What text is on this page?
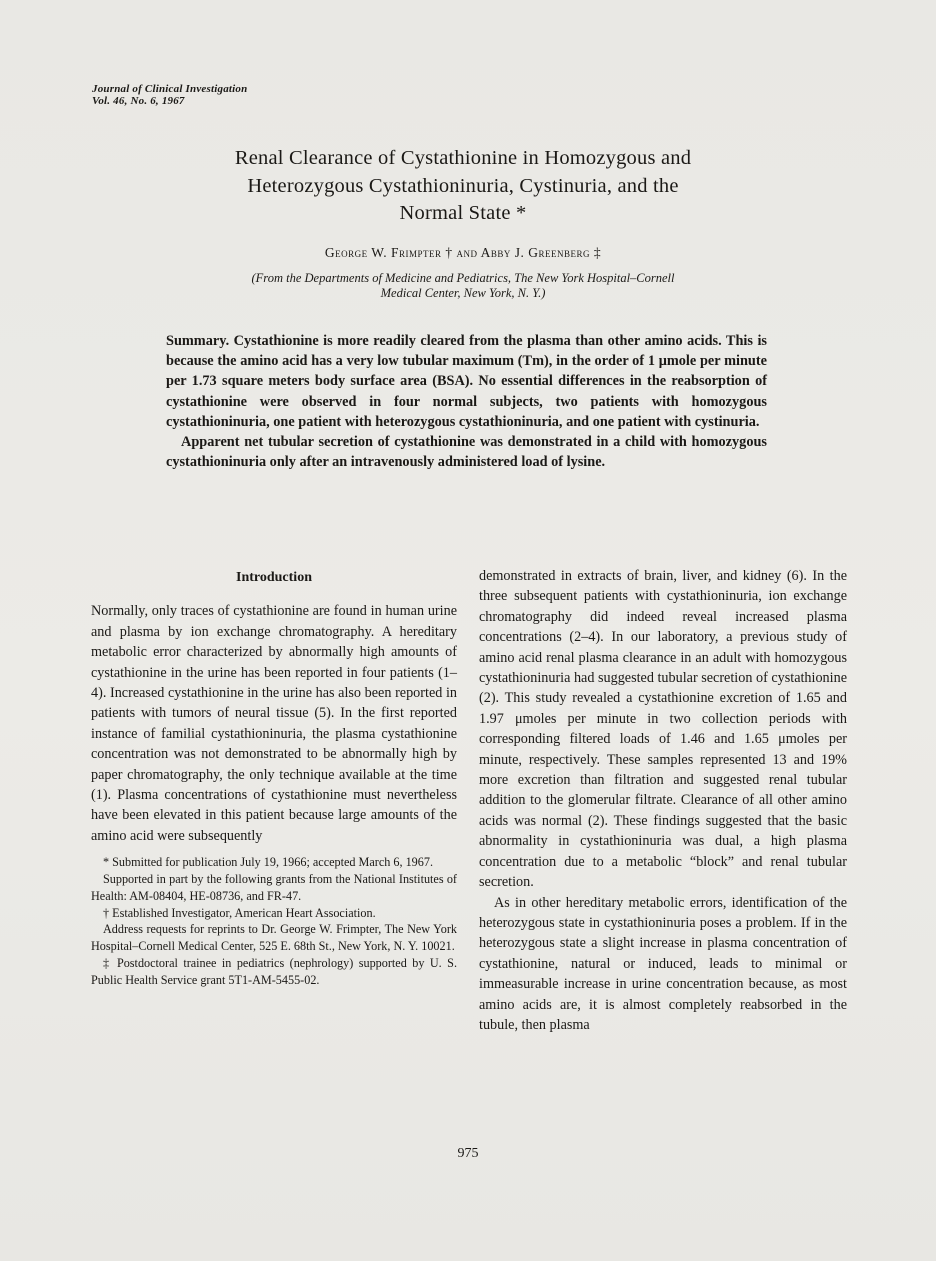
Journal of Clinical Investigation
Vol. 46, No. 6, 1967
Renal Clearance of Cystathionine in Homozygous and
Heterozygous Cystathioninuria, Cystinuria, and the
Normal State *
George W. Frimpter † and Abby J. Greenberg ‡
(From the Departments of Medicine and Pediatrics, The New York Hospital–Cornell
Medical Center, New York, N. Y.)

Summary. Cystathionine is more readily cleared from the plasma than other amino acids. This is because the amino acid has a very low tubular maximum (Tm), in the order of 1 μmole per minute per 1.73 square meters body surface area (BSA). No essential differences in the reabsorption of cystathionine were observed in four normal subjects, two patients with homozygous cystathioninuria, one patient with heterozygous cystathioninuria, and one patient with cystinuria.

Apparent net tubular secretion of cystathionine was demonstrated in a child with homozygous cystathioninuria only after an intravenously administered load of lysine.

Introduction

Normally, only traces of cystathionine are found in human urine and plasma by ion exchange chromatography. A hereditary metabolic error characterized by abnormally high amounts of cystathionine in the urine has been reported in four patients (1–4). Increased cystathionine in the urine has also been reported in patients with tumors of neural tissue (5). In the first reported instance of familial cystathioninuria, the plasma cystathionine concentration was not demonstrated to be abnormally high by paper chromatography, the only technique available at the time (1). Plasma concentrations of cystathionine must nevertheless have been elevated in this patient because large amounts of the amino acid were subsequently

* Submitted for publication July 19, 1966; accepted March 6, 1967.

Supported in part by the following grants from the National Institutes of Health: AM-08404, HE-08736, and FR-47.

† Established Investigator, American Heart Association.

Address requests for reprints to Dr. George W. Frimpter, The New York Hospital–Cornell Medical Center, 525 E. 68th St., New York, N. Y. 10021.

‡ Postdoctoral trainee in pediatrics (nephrology) supported by U. S. Public Health Service grant 5T1-AM-5455-02.

demonstrated in extracts of brain, liver, and kidney (6). In the three subsequent patients with cystathioninuria, ion exchange chromatography did indeed reveal increased plasma concentrations (2–4). In our laboratory, a previous study of amino acid renal plasma clearance in an adult with homozygous cystathioninuria had suggested tubular secretion of cystathionine (2). This study revealed a cystathionine excretion of 1.65 and 1.97 μmoles per minute in two collection periods with corresponding filtered loads of 1.46 and 1.65 μmoles per minute, respectively. These samples represented 13 and 19% more excretion than filtration and suggested renal tubular addition to the glomerular filtrate. Clearance of all other amino acids was normal (2). These findings suggested that the basic abnormality in cystathioninuria was dual, a high plasma concentration due to a metabolic “block” and renal tubular secretion.

As in other hereditary metabolic errors, identification of the heterozygous state in cystathioninuria poses a problem. If in the heterozygous state a slight increase in plasma concentration of cystathionine, natural or induced, leads to minimal or immeasurable increase in urine concentration because, as most amino acids are, it is almost completely reabsorbed in the tubule, then plasma

975
